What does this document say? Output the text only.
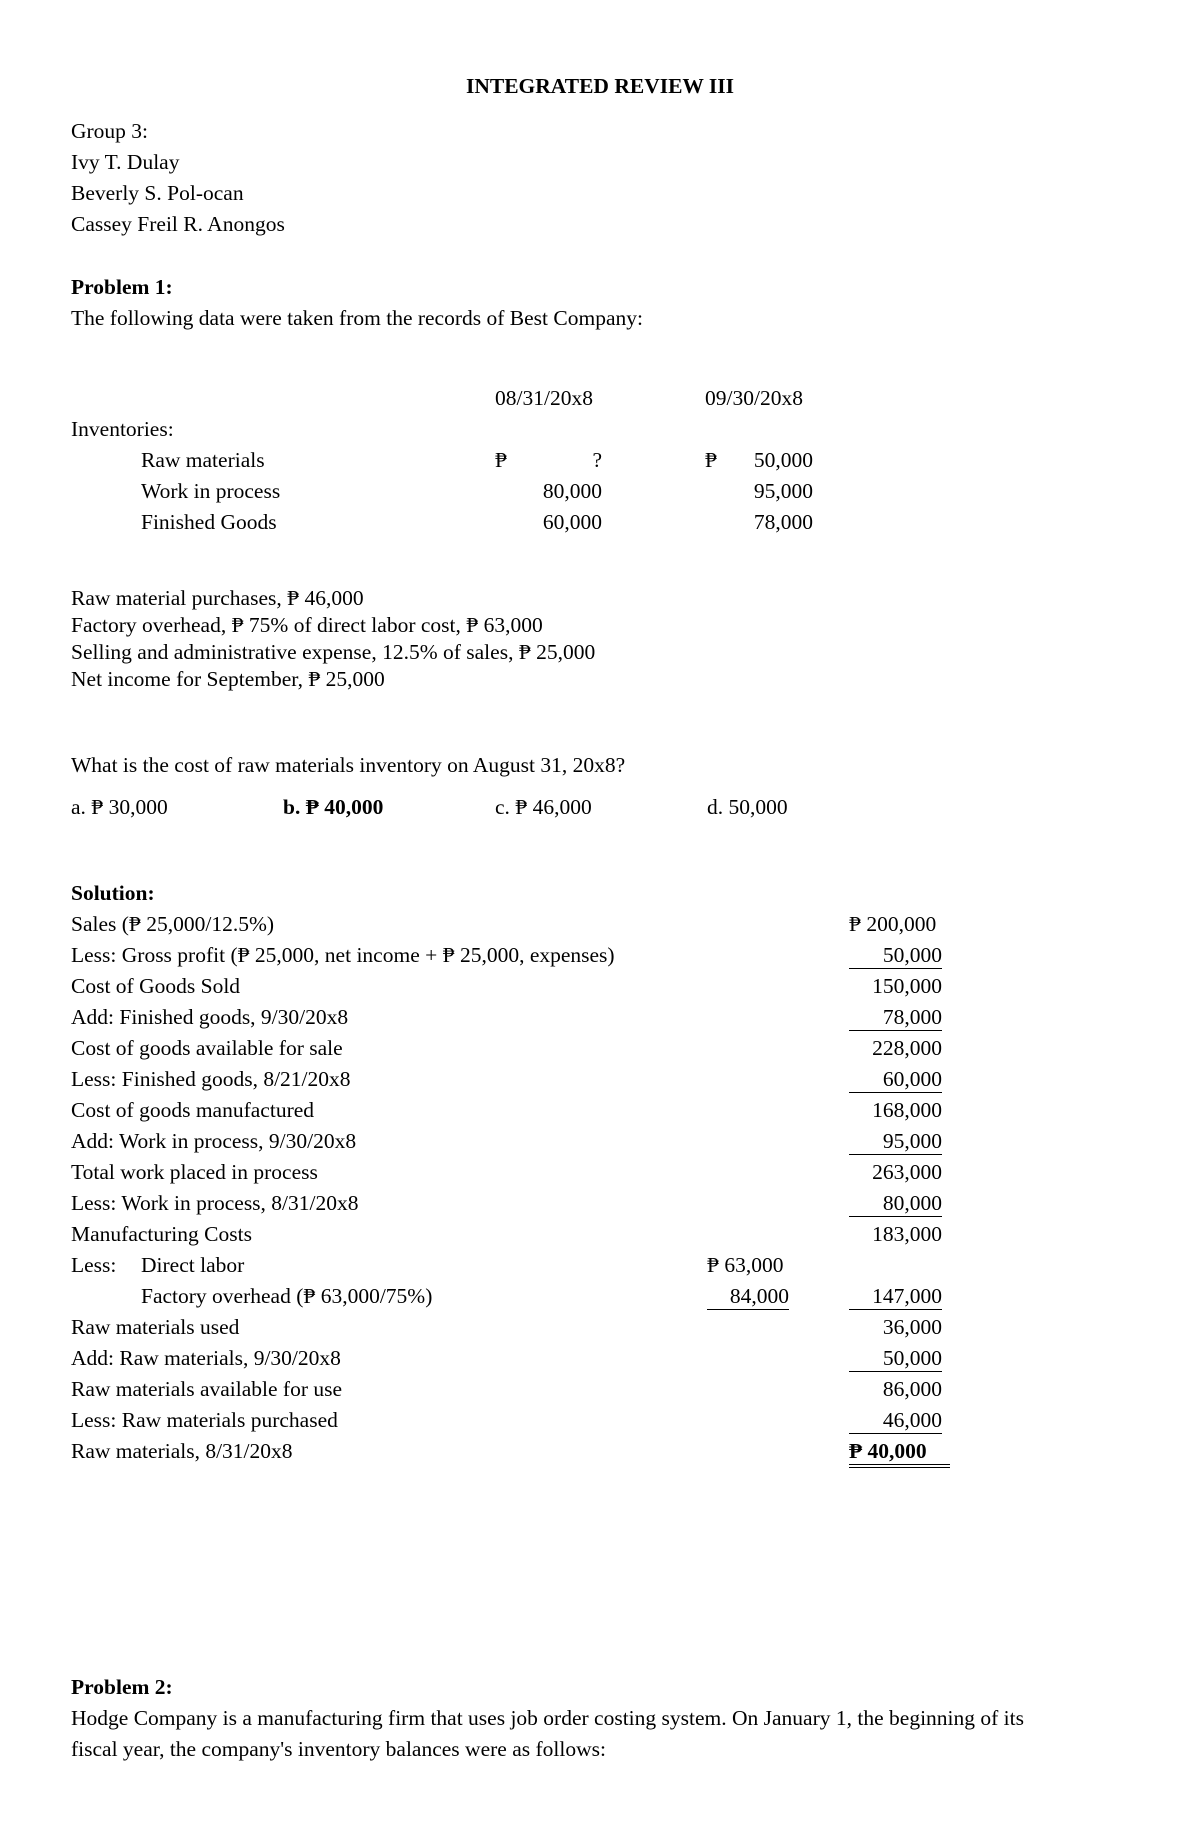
INTEGRATED REVIEW III
Group 3:
Ivy T. Dulay
Beverly S. Pol-ocan
Cassey Freil R. Anongos
Problem 1:
The following data were taken from the records of Best Company:
08/31/20x8	09/30/20x8
Inventories:
Raw materials	₱	?	₱	50,000
Work in process	80,000	95,000
Finished Goods	60,000	78,000
Raw material purchases, ₱ 46,000
Factory overhead, ₱ 75% of direct labor cost, ₱ 63,000
Selling and administrative expense, 12.5% of sales, ₱ 25,000
Net income for September, ₱ 25,000
What is the cost of raw materials inventory on August 31, 20x8?
a. ₱ 30,000	b. ₱ 40,000	c. ₱ 46,000	d. 50,000
Solution:
Sales (₱ 25,000/12.5%)	₱ 200,000
Less: Gross profit (₱ 25,000, net income + ₱ 25,000, expenses)	50,000
Cost of Goods Sold	150,000
Add: Finished goods, 9/30/20x8	78,000
Cost of goods available for sale	228,000
Less: Finished goods, 8/21/20x8	60,000
Cost of goods manufactured	168,000
Add: Work in process, 9/30/20x8	95,000
Total work placed in process	263,000
Less: Work in process, 8/31/20x8	80,000
Manufacturing Costs	183,000
Less: Direct labor	₱ 63,000
Factory overhead (₱ 63,000/75%)	84,000	147,000
Raw materials used	36,000
Add: Raw materials, 9/30/20x8	50,000
Raw materials available for use	86,000
Less: Raw materials purchased	46,000
Raw materials, 8/31/20x8	₱ 40,000
Problem 2:
Hodge Company is a manufacturing firm that uses job order costing system. On January 1, the beginning of its
fiscal year, the company's inventory balances were as follows:
